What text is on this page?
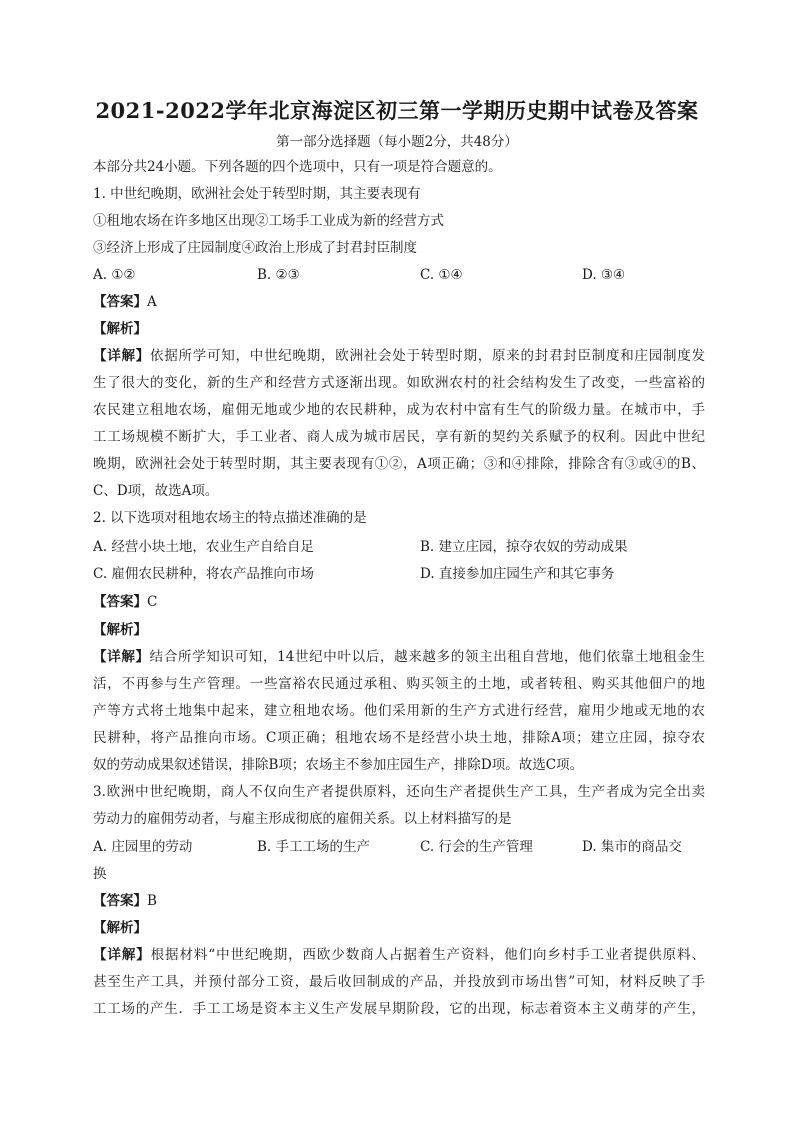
2021-2022学年北京海淀区初三第一学期历史期中试卷及答案
第一部分选择题（每小题2分，共48分）
本部分共24小题。下列各题的四个选项中，只有一项是符合题意的。
1. 中世纪晚期，欧洲社会处于转型时期，其主要表现有
①租地农场在许多地区出现②工场手工业成为新的经营方式
③经济上形成了庄园制度④政治上形成了封君封臣制度
A. ①②	B. ②③	C. ①④	D. ③④
【答案】A
【解析】
【详解】依据所学可知，中世纪晚期，欧洲社会处于转型时期，原来的封君封臣制度和庄园制度发
生了很大的变化，新的生产和经营方式逐渐出现。如欧洲农村的社会结构发生了改变，一些富裕的
农民建立租地农场，雇佣无地或少地的农民耕种，成为农村中富有生气的阶级力量。在城市中，手
工工场规模不断扩大，手工业者、商人成为城市居民，享有新的契约关系赋予的权利。因此中世纪
晚期，欧洲社会处于转型时期，其主要表现有①②，A项正确；③和④排除，排除含有③或④的B、
C、D项，故选A项。
2. 以下选项对租地农场主的特点描述准确的是
A. 经营小块土地，农业生产自给自足	B. 建立庄园，掠夺农奴的劳动成果
C. 雇佣农民耕种，将农产品推向市场	D. 直接参加庄园生产和其它事务
【答案】C
【解析】
【详解】结合所学知识可知，14世纪中叶以后，越来越多的领主出租自营地，他们依靠土地租金生
活，不再参与生产管理。一些富裕农民通过承租、购买领主的土地，或者转租、购买其他佃户的地
产等方式将土地集中起来，建立租地农场。他们采用新的生产方式进行经营，雇用少地或无地的农
民耕种，将产品推向市场。C项正确；租地农场不是经营小块土地，排除A项；建立庄园，掠夺农
奴的劳动成果叙述错误，排除B项；农场主不参加庄园生产，排除D项。故选C项。
3.欧洲中世纪晚期，商人不仅向生产者提供原料，还向生产者提供生产工具，生产者成为完全出卖
劳动力的雇佣劳动者，与雇主形成彻底的雇佣关系。以上材料描写的是
A. 庄园里的劳动	B. 手工工场的生产	C. 行会的生产管理	D. 集市的商品交
换
【答案】B
【解析】
【详解】根据材料“中世纪晚期，西欧少数商人占据着生产资料，他们向乡村手工业者提供原料、
甚至生产工具，并预付部分工资，最后收回制成的产品，并投放到市场出售”可知，材料反映了手
工工场的产生．手工工场是资本主义生产发展早期阶段，它的出现，标志着资本主义萌芽的产生，
